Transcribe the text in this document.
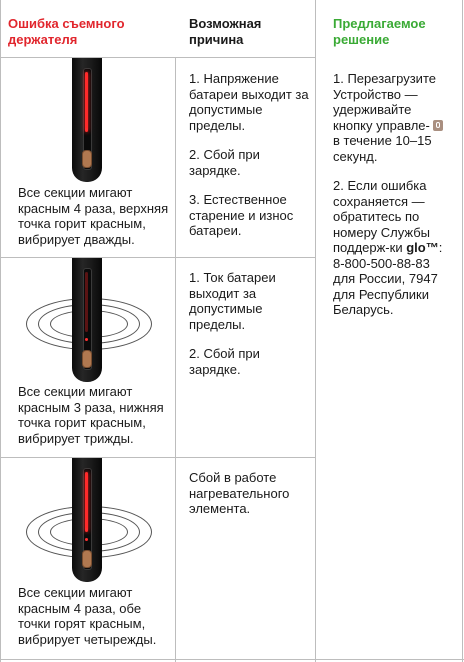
Ошибка съемного держателя
Возможная причина
Предлагаемое решение
Все секции мигают красным 4 раза, верхняя точка горит красным, вибрирует дважды.

1. Напряжение батареи выходит за допустимые пределы.

2. Сбой при зарядке.

3. Естественное старение и износ батареи.

Все секции мигают красным 3 раза, нижняя точка горит красным, вибрирует трижды.

1. Ток батареи выходит за допустимые пределы.

2. Сбой при зарядке.

Все секции мигают красным 4 раза, обе точки горят красным, вибрирует четырежды.

Сбой в работе нагревательного элемента.

1. Перезагрузите Устройство — удерживайте кнопку управле-  в течение 10–15 секунд.

2. Если ошибка сохраняется — обратитесь по номеру Службы поддерж-ки glo™: 8-800-500-88-83 для России, 7947 для Республики Беларусь.
